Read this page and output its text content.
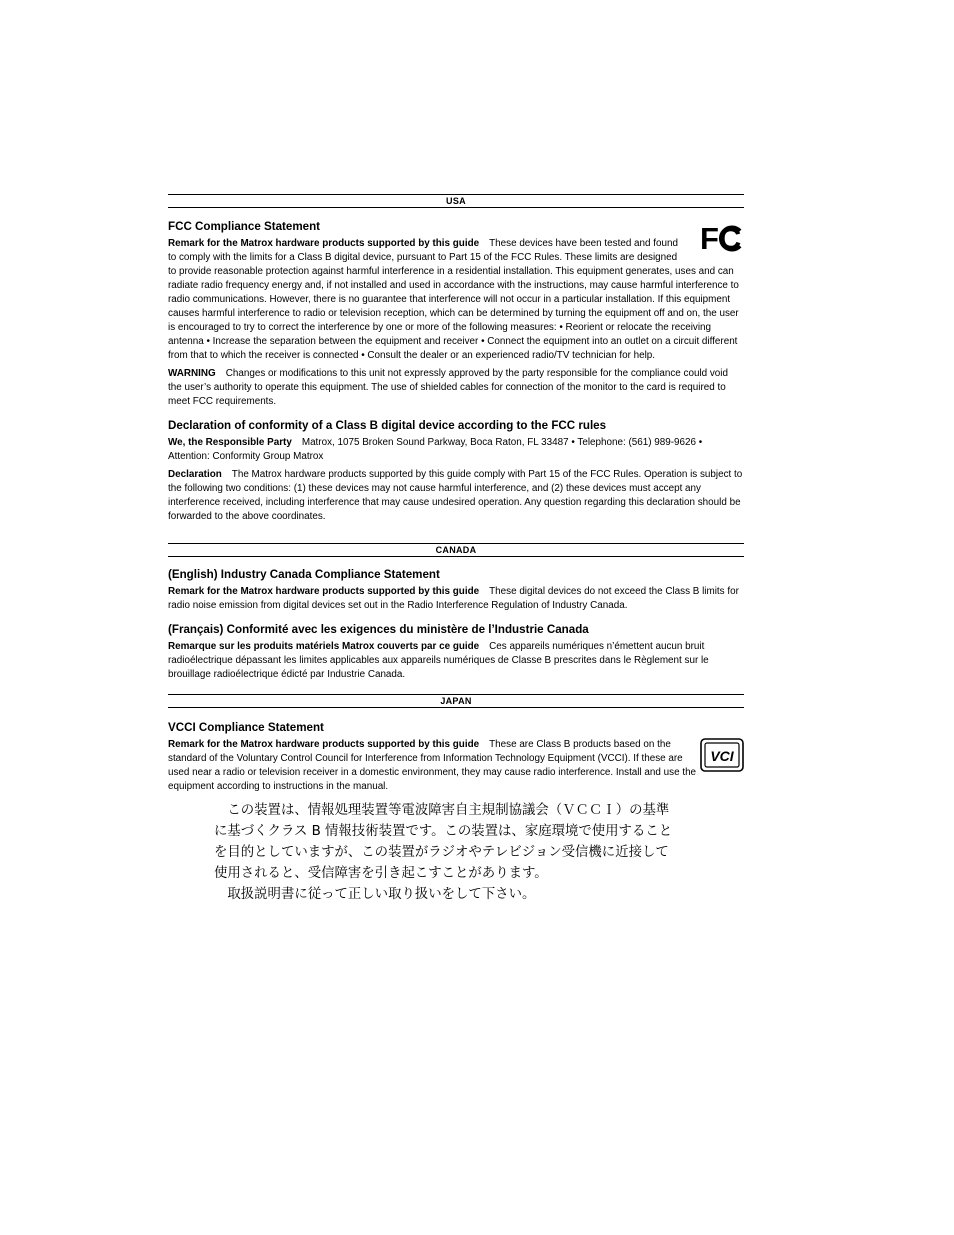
USA
FC
FCC Compliance Statement

Remark for the Matrox hardware products supported by this guide These devices have been tested and found to comply with the limits for a Class B digital device, pursuant to Part 15 of the FCC Rules. These limits are designed to provide reasonable protection against harmful interference in a residential installation. This equipment generates, uses and can radiate radio frequency energy and, if not installed and used in accordance with the instructions, may cause harmful interference to radio communications. However, there is no guarantee that interference will not occur in a particular installation. If this equipment causes harmful interference to radio or television reception, which can be determined by turning the equipment off and on, the user is encouraged to try to correct the interference by one or more of the following measures: • Reorient or relocate the receiving antenna • Increase the separation between the equipment and receiver • Connect the equipment into an outlet on a circuit different from that to which the receiver is connected • Consult the dealer or an experienced radio/TV technician for help.

WARNING Changes or modifications to this unit not expressly approved by the party responsible for the compliance could void the user’s authority to operate this equipment. The use of shielded cables for connection of the monitor to the card is required to meet FCC requirements.

Declaration of conformity of a Class B digital device according to the FCC rules

We, the Responsible Party Matrox, 1075 Broken Sound Parkway, Boca Raton, FL 33487 • Telephone: (561) 989-9626 • Attention: Conformity Group Matrox

Declaration The Matrox hardware products supported by this guide comply with Part 15 of the FCC Rules. Operation is subject to the following two conditions: (1) these devices may not cause harmful interference, and (2) these devices must accept any interference received, including interference that may cause undesired operation. Any question regarding this declaration should be forwarded to the above coordinates.

CANADA
(English) Industry Canada Compliance Statement

Remark for the Matrox hardware products supported by this guide These digital devices do not exceed the Class B limits for radio noise emission from digital devices set out in the Radio Interference Regulation of Industry Canada.

(Français) Conformité avec les exigences du ministère de l’Industrie Canada

Remarque sur les produits matériels Matrox couverts par ce guide Ces appareils numériques n’émettent aucun bruit radioélectrique dépassant les limites applicables aux appareils numériques de Classe B prescrites dans le Règlement sur le brouillage radioélectrique édicté par Industrie Canada.

JAPAN
VCI
VCCI Compliance Statement

Remark for the Matrox hardware products supported by this guide These are Class B products based on the standard of the Voluntary Control Council for Interference from Information Technology Equipment (VCCI). If these are used near a radio or television receiver in a domestic environment, they may cause radio interference. Install and use the equipment according to instructions in the manual.

　この装置は、情報処理装置等電波障害自主規制協議会（ＶＣＣＩ）の基準
に基づくクラス B 情報技術装置です。この装置は、家庭環境で使用すること
を目的としていますが、この装置がラジオやテレビジョン受信機に近接して
使用されると、受信障害を引き起こすことがあります。
　取扱説明書に従って正しい取り扱いをして下さい。
